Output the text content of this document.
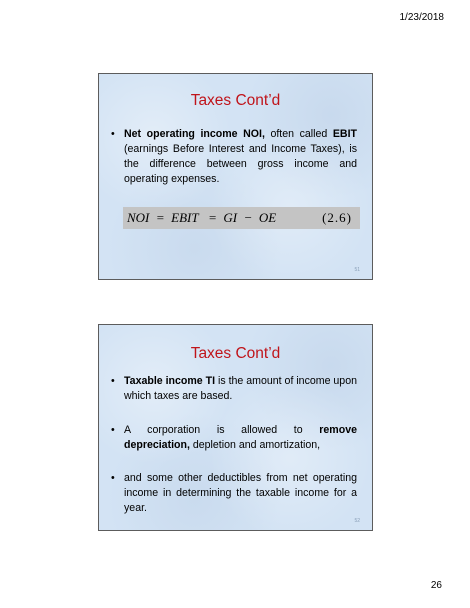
1/23/2018
Taxes Cont’d
• Net operating income NOI, often called EBIT (earnings Before Interest and Income Taxes), is the difference between gross income and operating expenses.
NOI  =  EBIT   =  GI  −  OE	(2.6)
51
Taxes Cont’d
• Taxable income TI is the amount of income upon which taxes are based.
• A corporation is allowed to remove depreciation, depletion and amortization,
• and some other deductibles from net operating income in determining the taxable income for a year.
52
26
